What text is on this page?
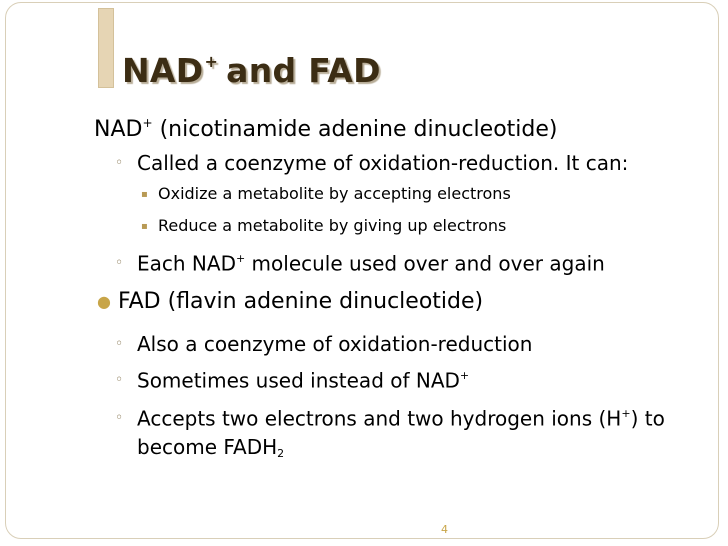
NAD+ and FAD
NAD+ (nicotinamide adenine dinucleotide)
◦ Called a coenzyme of oxidation-reduction. It can:
▪ Oxidize a metabolite by accepting electrons
▪ Reduce a metabolite by giving up electrons
◦ Each NAD+ molecule used over and over again
● FAD (flavin adenine dinucleotide)
◦ Also a coenzyme of oxidation-reduction
◦ Sometimes used instead of NAD+
◦ Accepts two electrons and two hydrogen ions (H+) to
become $FADH_2$
4
